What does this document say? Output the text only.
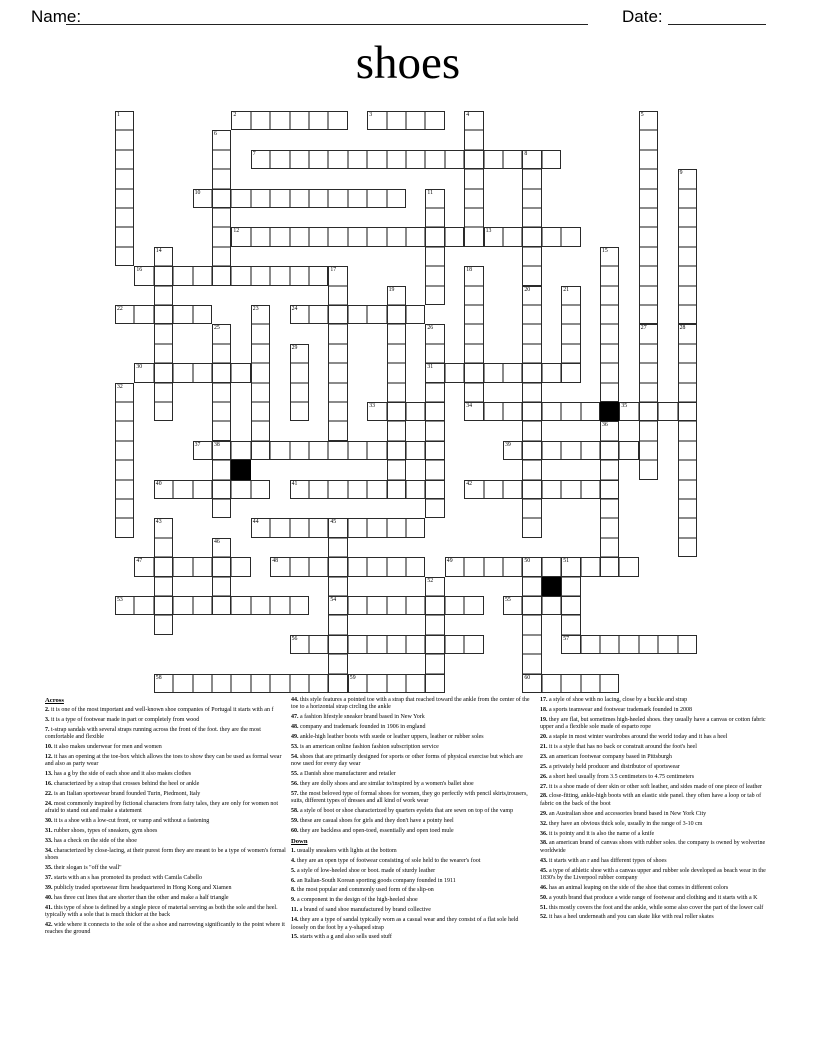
Name:	Date:
shoes
2	3
7
10
12	13
16
22	24
30	31
33	34	35
37	39
40	41	42
44
47	48	49
53	54	55
56	57
58	59	60
1	4	5
6
8
9
11
14	15
17	18
19	20	21
23
25	26	27	28
29
32
36
38
43	45
46
50	51
52
Across
2. it is one of the most important and well-known shoe companies of Portugal it starts with an f
3. it is a type of footwear made in part or completely from wood
7. t-strap sandals with several straps running across the front of the foot. they are the most comfortable and flexible
10. it also makes underwear for men and women
12. it has an opening at the toe-box which allows the toes to show they can be used as formal wear and also as party wear
13. has a g by the side of each shoe and it also makes clothes
16. characterized by a strap that crosses behind the heel or ankle
22. is an Italian sportswear brand founded Turin, Piedmont, Italy
24. most commonly inspired by fictional characters from fairy tales, they are only for women not afraid to stand out and make a statement
30. it is a shoe with a low-cut front, or vamp and without a fastening
31. rubber shoes, types of sneakers, gym shoes
33. has a check on the side of the shoe
34. characterized by close-lacing, at their purest form they are meant to be a type of women's formal shoes
35. their slogan is "off the wall"
37. starts with an s has promoted its product with Camila Cabello
39. publicly traded sportswear firm headquartered in Hong Kong and Xiamen
40. has three cut lines that are shorter than the other and make a half triangle
41. this type of shoe is defined by a single piece of material serving as both the sole and the heel. typically with a sole that is much thicker at the back
42. wide where it connects to the sole of the a shoe and narrowing significantly to the point where it reaches the ground
44. this style features a pointed toe with a strap that reached toward the ankle from the center of the toe to a horizontal strap circling the ankle
47. a fashion lifestyle sneaker brand based in New York
48. company and trademark founded in 1906 in england
49. ankle-high leather boots with suede or leather uppers, leather or rubber soles
53. is an american online fashion fashion subscription service
54. shoes that are primarily designed for sports or other forms of physical exercise but which are now used for every day wear
55. a Danish shoe manufacturer and retailer
56. they are dolly shoes and are similar to/inspired by a women's ballet shoe
57. the most beloved type of formal shoes for women, they go perfectly with pencil skirts,trousers, suits, different types of dresses and all kind of work wear
58. a style of boot or shoe characterized by quarters eyelets that are sewn on top of the vamp
59. these are casual shoes for girls and they don't have a pointy heel
60. they are backless and open-toed, essentially and open toed mule
Down
1. usually sneakers with lights at the bottom
4. they are an open type of footwear consisting of sole held to the wearer's foot
5. a style of low-heeled shoe or boot. made of sturdy leather
6. an Italian-South Korean sporting goods company founded in 1911
8. the most popular and commonly used form of the slip-on
9. a component in the design of the high-heeled shoe
11. a brand of sand shoe manufactured by brand collective
14. they are a type of sandal typically worn as a casual wear and they consist of a flat sole held loosely on the foot by a y-shaped strap
15. starts with a g and also sells used stuff
17. a style of shoe with no lacing, close by a buckle and strap
18. a sports teamwear and footwear trademark founded in 2008
19. they are flat, but sometimes high-heeled shoes. they usually have a canvas or cotton fabric upper and a flexible sole made of esparto rope
20. a staple in most winter wardrobes around the world today and it has a heel
21. it is a style that has no back or constrait around the foot's heel
23. an american footwear company based in Pittsburgh
25. a privately held producer and distributor of sportswear
26. a short heel usually from 3.5 centimeters to 4.75 centimeters
27. it is a shoe made of deer skin or other soft leather, and sides made of one piece of leather
28. close-fitting, ankle-high boots with an elastic side panel. they often have a loop or tab of fabric on the back of the boot
29. an Australian shoe and accessories brand based in New York City
32. they have an obvious thick sole, usually in the range of 3-10 cm
36. it is pointy and it is also the name of a knife
38. an american brand of canvas shoes with rubber soles. the company is owned by wolverine worldwide
43. it starts with an r and has different types of shoes
45. a type of athletic shoe with a canvas upper and rubber sole developed as beach wear in the 1830's by the Liverpool rubber company
46. has an animal leaping on the side of the shoe that comes in different colors
50. a youth brand that produce a wide range of footwear and clothing and it starts with a K
51. this mostly covers the foot and the ankle, while some also cover the part of the lower calf
52. it has a heel underneath and you can skate like with real roller skates
